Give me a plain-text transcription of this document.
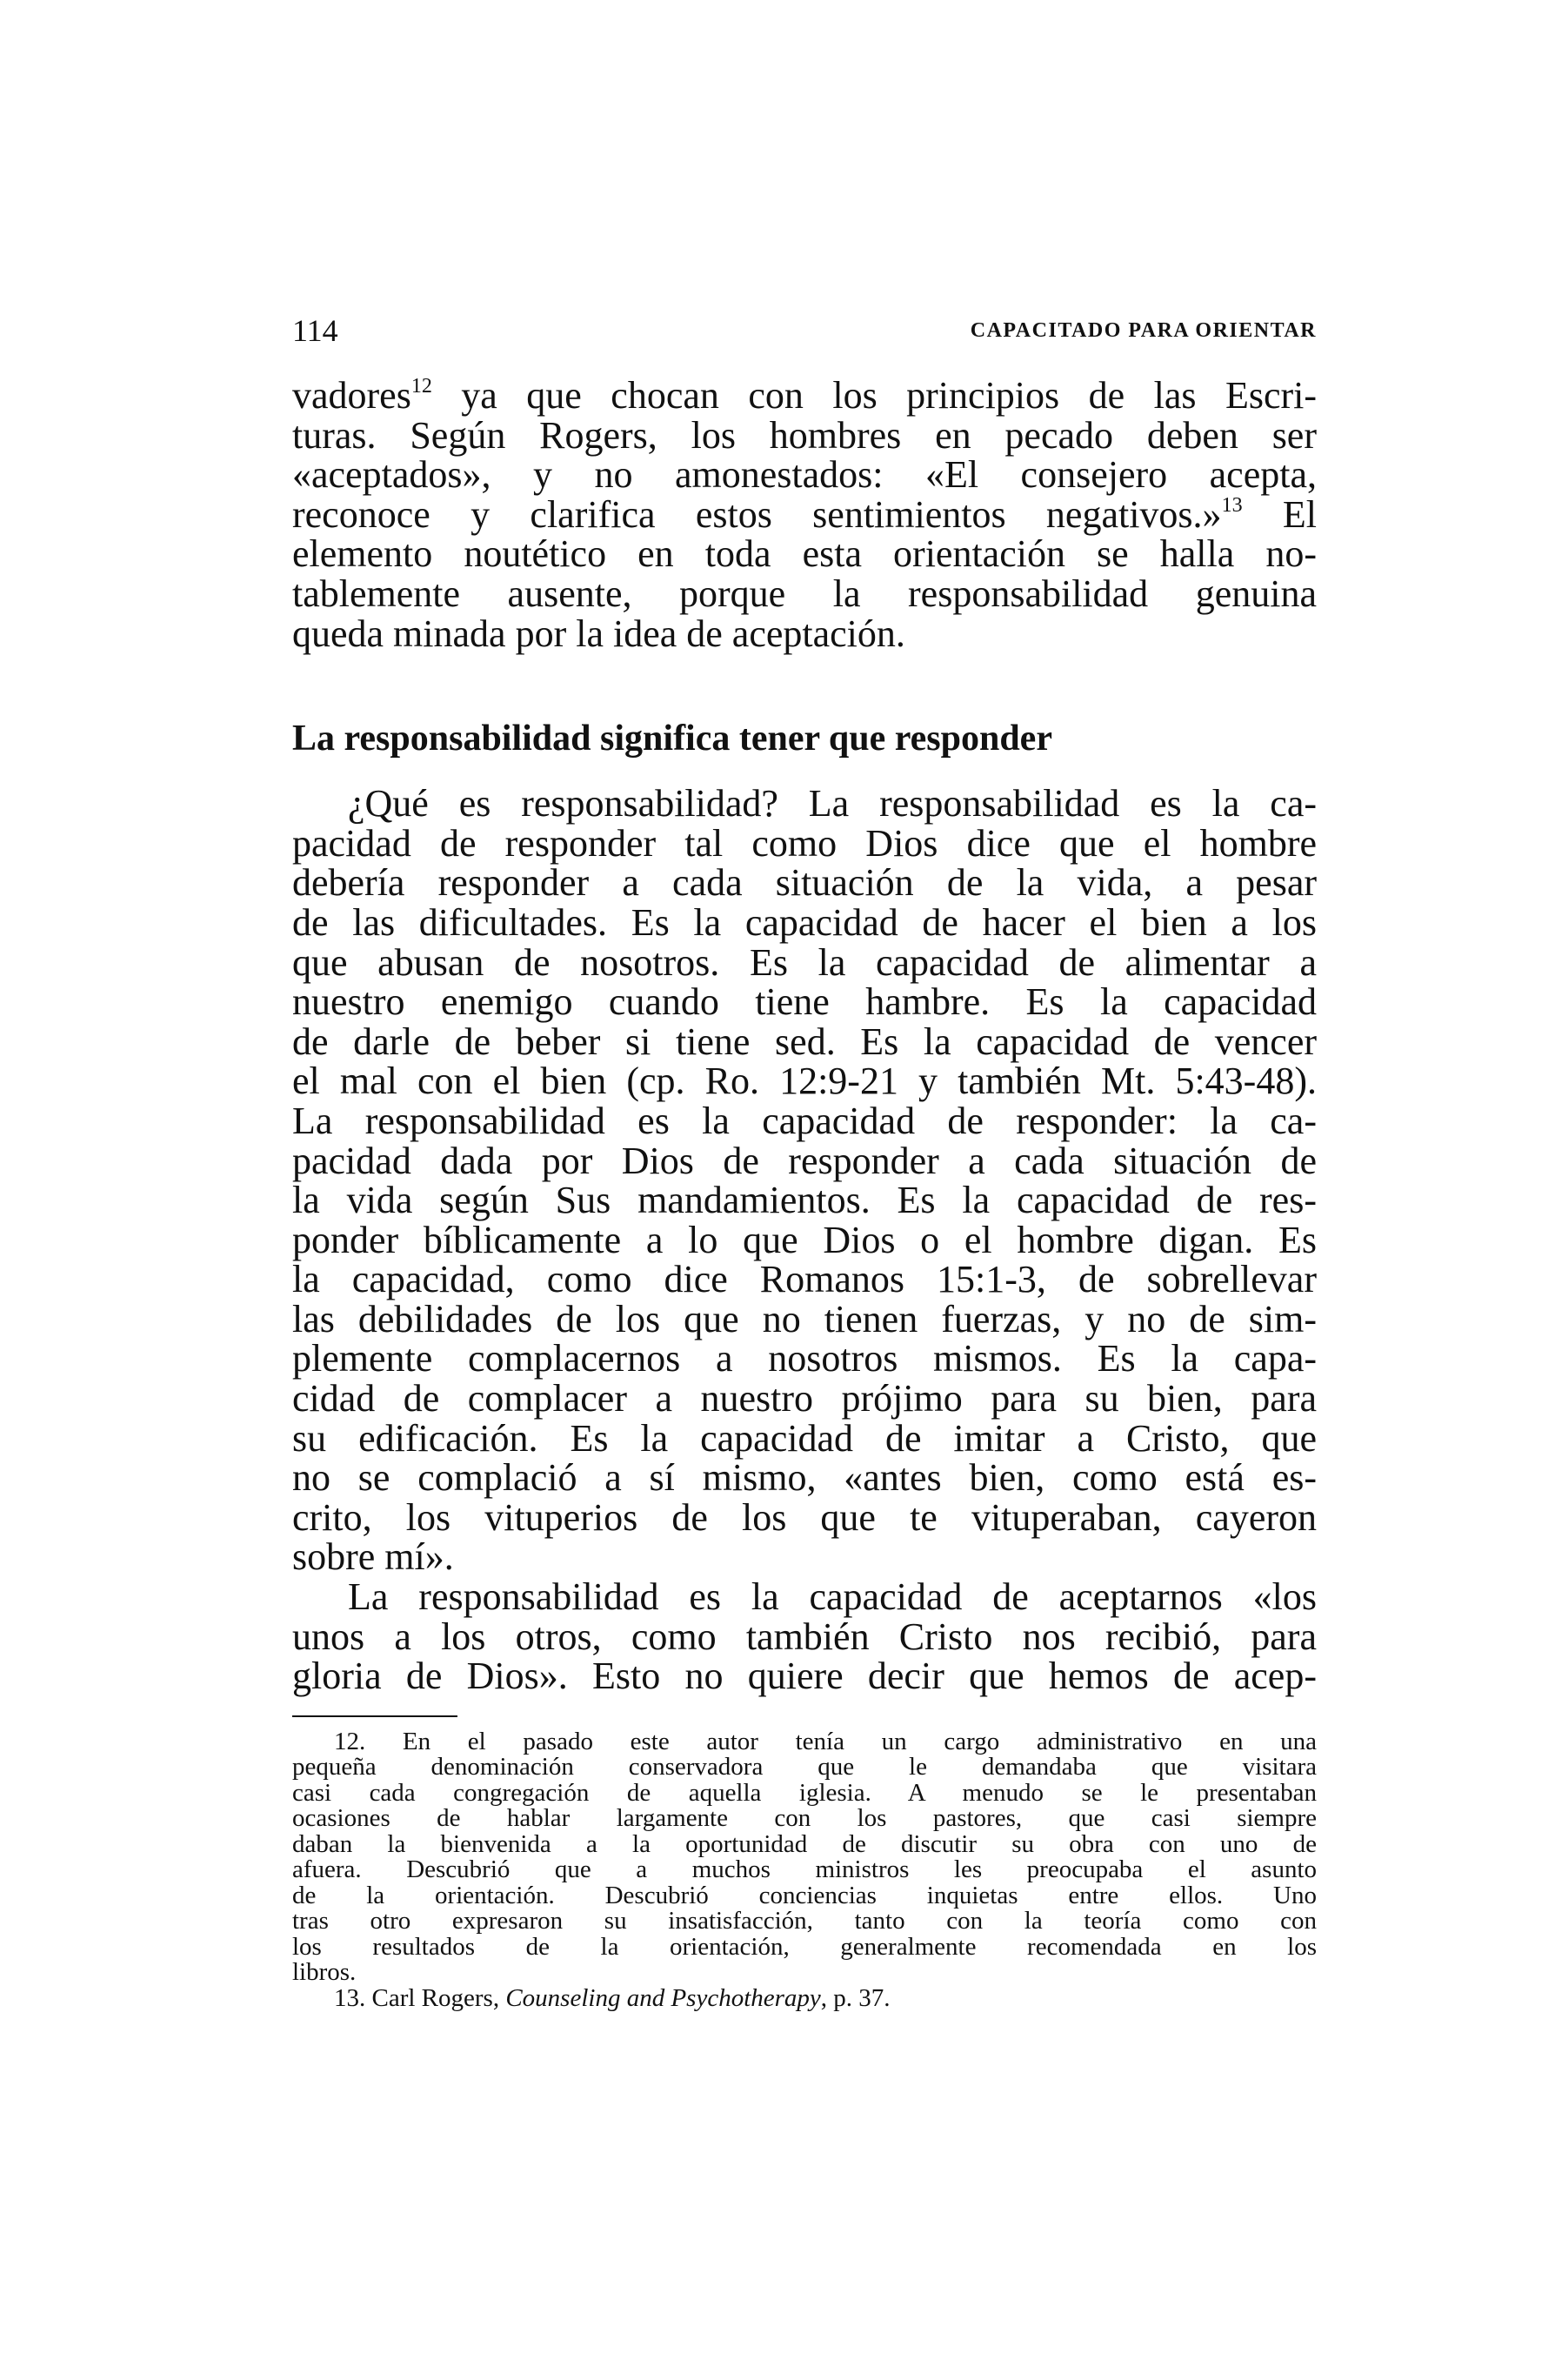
114	CAPACITADO PARA ORIENTAR

vadores$^{12}$ ya que chocan con los principios de las Escri-
turas. Según Rogers, los hombres en pecado deben ser
«aceptados», y no amonestados: «El consejero acepta,
reconoce y clarifica estos sentimientos negativos.»$^{13}$ El
elemento noutético en toda esta orientación se halla no-
tablemente ausente, porque la responsabilidad genuina
queda minada por la idea de aceptación.

La responsabilidad significa tener que responder

¿Qué es responsabilidad? La responsabilidad es la ca-
pacidad de responder tal como Dios dice que el hombre
debería responder a cada situación de la vida, a pesar
de las dificultades. Es la capacidad de hacer el bien a los
que abusan de nosotros. Es la capacidad de alimentar a
nuestro enemigo cuando tiene hambre. Es la capacidad
de darle de beber si tiene sed. Es la capacidad de vencer
el mal con el bien (cp. Ro. 12:9-21 y también Mt. 5:43-48).
La responsabilidad es la capacidad de responder: la ca-
pacidad dada por Dios de responder a cada situación de
la vida según Sus mandamientos. Es la capacidad de res-
ponder bíblicamente a lo que Dios o el hombre digan. Es
la capacidad, como dice Romanos 15:1-3, de sobrellevar
las debilidades de los que no tienen fuerzas, y no de sim-
plemente complacernos a nosotros mismos. Es la capa-
cidad de complacer a nuestro prójimo para su bien, para
su edificación. Es la capacidad de imitar a Cristo, que
no se complació a sí mismo, «antes bien, como está es-
crito, los vituperios de los que te vituperaban, cayeron
sobre mí».

La responsabilidad es la capacidad de aceptarnos «los
unos a los otros, como también Cristo nos recibió, para
gloria de Dios». Esto no quiere decir que hemos de acep-

12. En el pasado este autor tenía un cargo administrativo en una
pequeña denominación conservadora que le demandaba que visitara
casi cada congregación de aquella iglesia. A menudo se le presentaban
ocasiones de hablar largamente con los pastores, que casi siempre
daban la bienvenida a la oportunidad de discutir su obra con uno de
afuera. Descubrió que a muchos ministros les preocupaba el asunto
de la orientación. Descubrió conciencias inquietas entre ellos. Uno
tras otro expresaron su insatisfacción, tanto con la teoría como con
los resultados de la orientación, generalmente recomendada en los
libros.

13. Carl Rogers, Counseling and Psychotherapy, p. 37.
